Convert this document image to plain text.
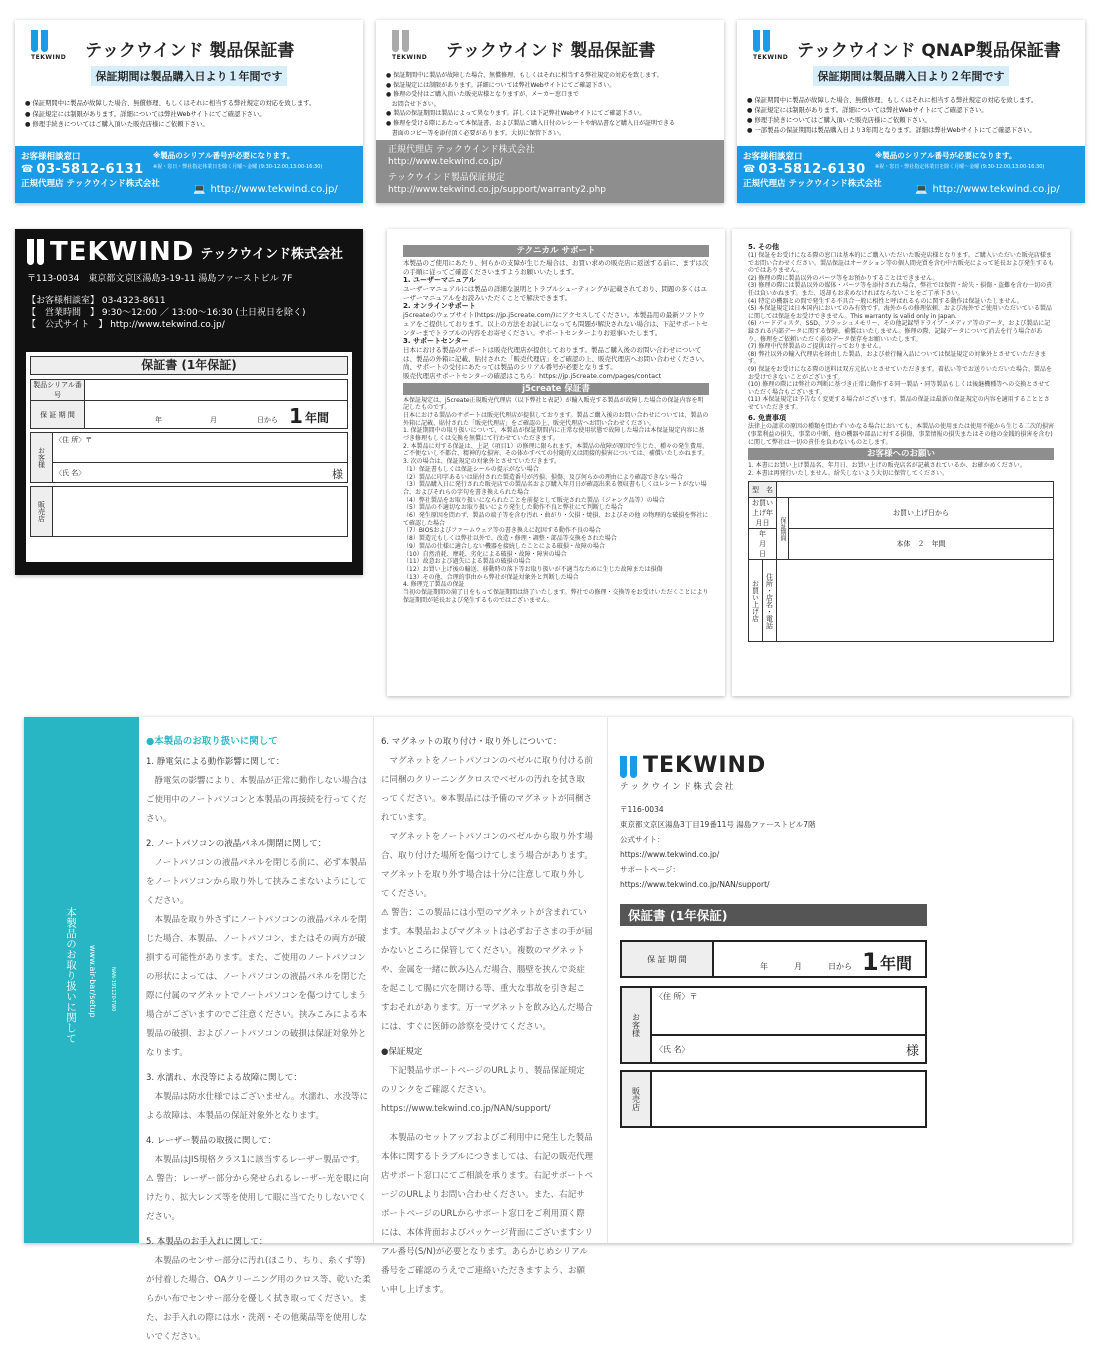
TEKWIND テックウインド 製品保証書
保証期間は製品購入日より１年間です
● 保証期間中に製品が故障した場合、無償修理、もしくはそれに相当する弊社規定の対応を致します。
● 保証規定には制限があります。詳細については弊社Webサイトにてご確認下さい。
● 修理手続きについてはご購入頂いた販売店様にご依頼下さい。
お客様相談窓口
☎ 03-5812-6131
正規代理店 テックウインド株式会社
※製品のシリアル番号が必要になります。
※祝・窓日・弊社指定休業日を除く月曜〜金曜 (9:30-12:00,13:00-16:30)
💻 http://www.tekwind.co.jp/
TEKWIND テックウインド 製品保証書
● 保証期間中に製品が故障した場合、無償修理、もしくはそれに相当する弊社規定の対応を致します。
● 保証規定には制限があります。詳細については弊社Webサイトにてご確認下さい。
● 修理の受付はご購入頂いた販売店様となりますが、メーカー窓口まで
お問合せ下さい。
● 製品の保証期間は製品によって異なります。詳しくは下記弊社Webサイトにてご確認下さい。
● 修理を受ける際にあたって本保証書、および製品ご購入日付のレシートや納品書など購入日が証明できる
書面のコピー等を添付頂く必要があります。大切に保管下さい。
正規代理店 テックウインド株式会社
http://www.tekwind.co.jp/
テックウインド製品保証規定
http://www.tekwind.co.jp/support/warranty2.php
TEKWIND テックウインド QNAP製品保証書
保証期間は製品購入日より２年間です
● 保証期間中に製品が故障した場合、無償修理、もしくはそれに相当する弊社規定の対応を致します。
● 保証規定には制限があります。詳細については弊社Webサイトにてご確認下さい。
● 修理手続きについてはご購入頂いた販売店様にご依頼下さい。
● 一部製品の保証期間は製品購入日より3年間となります。詳細は弊社Webサイトにてご確認下さい。
お客様相談窓口
☎ 03-5812-6130
正規代理店 テックウインド株式会社
※製品のシリアル番号が必要になります。
※祝・窓日・弊社指定休業日を除く月曜〜金曜 (9:30-12:00,13:00-16:30)
💻 http://www.tekwind.co.jp/
TEKWIND テックウインド株式会社
〒113-0034　東京都文京区湯島3-19-11 湯島ファーストビル 7F
【お客様相談室】 03-4323-8611
【　営業時間　】 9:30〜12:00 ／ 13:00〜16:30 (土日祝日を除く)
【　公式サイト　】 http://www.tekwind.co.jp/
保証書 (1年保証)
製品シリアル番号	
保 証 期 間	年 月 日から 1 年間
お客様	〈住 所〉〒
〈氏 名〉	様
販売店	
テクニカル サポート
本製品のご使用にあたり、何らかの支障が生じた場合は、お買い求めの販売店に返送する前に、まずは次の手順に従ってご確認くださいますようお願いいたします。
1. ユーザーマニュアル
ユーザーマニュアルには製品の詳細な説明とトラブルシューティングが記載されており、問題の多くはユーザーマニュアルをお読みいただくことで解決できます。
2. オンラインサポート
j5createのウェブサイト(https://jp.j5create.com/)にアクセスしてください。本製品用の最新ソフトウェアをご提供しております。以上の方法をお試しになっても問題が解決されない場合は、下記サポートセンターまでトラブルの内容をお寄せください。サポートセンターよりお返事いたします。
3. サポートセンター
日本における製品のサポートは販売代理店が提供しております。製品ご購入後のお問い合わせについては、製品の外箱に記載、貼付された「販売代理店」をご確認の上、販売代理店へお問い合わせください。
尚、サポートの受付にあたっては製品のシリアル番号が必要となります。
販売代理店サポートセンターの確認はこちら：https://jp.j5create.com/pages/contact
j5create 保証書
本保証規定は、j5create正規販売代理店（以下弊社と表記）が輸入販売する製品が故障した場合の保証内容を明記したものです。
日本における製品のサポートは販売代理店が提供しております。製品ご購入後のお問い合わせについては、製品の外箱に記載、貼付された「販売代理店」をご確認の上、販売代理店へお問い合わせください。
1. 保証期間中の取り扱いについて、本製品が保証期間内に正常な使用状態で故障した場合は本保証規定内容に基づき修理もしくは交換を無償にて行わせていただきます。
2. 本製品に対する保証は、上記（項目1）の修理に限られます。本製品の故障が原因で生じた、種々の発生費用、ご不便ないし不都合、精神的な損害、その体かすべての付随的又は間接的損害については、補償いたしかねます。
3. 次の場合は、保証規定の対象外とさせていただきます。
（1）保証書もしくは保証シールの提示がない場合
（2）製品に印字あるいは貼付された製造番号が汚損、損傷、及び何らかの理由により確認できない場合
（3）製品購入日に発行された販売店での製品名および購入年月日が確認出来る領収書もしくはレシートがない場合、およびそれらの字句を書き換えられた場合
（4）弊社製品をお取り扱いになられたことを前提として販売された製品（ジャンク品等）の場合
（5）製品の不適切なお取り扱いにより発生した動作不良と弊社にて判断した場合
（6）発生原因を問わず、製品の端子等を含む汚れ・曲がり・欠損・焼損、およびその他 の物理的な破損を弊社にて確認した場合
（7）BIOSおよびファームウェア等の書き換えに起因する動作不良の場合
（8）製造元もしくは弊社以外で、改造・修理・調整・部品等交換をされた場合
（9）製品の仕様に適合しない機器を接続したことによる破損・故障の場合
（10）自然消耗、摩耗、劣化による破損・故障・障害の場合
（11）故意および過失による製品の破損の場合
（12）お買い上げ後の輸送、移動時の落下等お取り扱いが不適当なために生じた故障または損傷
（13）その他、合理的事由から弊社が保証対象外と判断した場合
4. 修理完了製品の保証
当初の保証期間の満了日をもって保証期間は終了いたします。弊社での修理・交換等をお受けいただくことにより保証期間が延長および発生するものではございません。
5. その他
(1) 保証をお受けになる際の窓口は基本的にご購入いただいた販売店様となります。ご購入いただいた販売店様までお問い合わせください。製品保証はオークション等の個人間売買を含む中古販売によって延長および発生するものではありません。
(2) 修理の際に製品以外のパーツ等をお預かりすることはできません。
(3) 修理の際には製品以外の媒体・パーツ等を添付された場合、弊社では保管・紛失・損傷・盗難を含む一切の責任は負いかねます。また、返却もお求めなければならないことをご了承下さい。
(4) 特定の機器との間で発生する不具合一般に相性と呼ばれるものに関する動作は保証いたしません。
(5) 本保証規定は日本国内においてのみ有効です。海外からの修理依頼、および海外でご使用いただいている製品に関しては保証をお受けできません。This warranty is valid only in Japan.
(6) ハードディスク、SSD、フラッシュメモリー、その他記録型ドライブ・メディア等のデータ、および製品に記録される内部データに関する保障、補償はいたしません。修理の際、記録データについて消去を行う場合があり、修理をご依頼いただく前のデータ保存をお願いいたします。
(7) 修理中代替製品のご提供は行っておりません。
(8) 弊社以外の輸入代理店を経由した製品、および並行輸入品については保証規定の対象外とさせていただきます。
(9) 保証をお受けになる際の送料は双方元払いとさせていただきます。着払い等でお送りいただいた場合、製品をお受けできないことがございます。
(10) 修理の際には弊社の判断に基づき正常に動作する同一製品・同等製品もしくは後継機種等への交換とさせていただく場合もございます。
(11) 本保証規定は予告なく変更する場合がございます。製品の保証は最新の保証規定の内容を適用することとさせていただきます。
6. 免責事項
法律上の請求の原因の種類を問わずいかなる場合においても、本製品の使用または使用不能から生じる二次的損害(事業利益の損失、事業の中断、他の機器や部品に対する損傷、事業情報の損失またはその他の金銭的損害を含む)に関して弊社は一切の責任を負わないものとします。
お客様へのお願い
1. 本書にお買い上げ製品名、年月日、お買い上げの販売店名が記載されているか、お確かめください。
2. 本書は再発行いたしません。紛失しないよう大切に保管してください。
型　名			
お買い上げ年月日		保証期間	お買い上げ日から
年　　月　　日			本体　２　年間
お買い上げ店	住所・店名・電話		
本製品のお取り扱いに関して www.air-bar/setup	NAN-191120-TW0
●本製品のお取り扱いに関して
1. 静電気による動作影響に関して：
静電気の影響により、本製品が正常に動作しない場合はご使用中のノートパソコンと本製品の再接続を行ってください。
2. ノートパソコンの液晶パネル開閉に関して：
ノートパソコンの液晶パネルを閉じる前に、必ず本製品をノートパソコンから取り外して挟みこまないようにしてください。
本製品を取り外さずにノートパソコンの液晶パネルを閉じた場合、本製品、ノートパソコン、またはその両方が破損する可能性があります。また、ご使用のノートパソコンの形状によっては、ノートパソコンの液晶パネルを閉じた際に付属のマグネットでノートパソコンを傷つけてしまう場合がございますのでご注意ください。挟みこみによる本製品の破損、およびノートパソコンの破損は保証対象外となります。
3. 水濡れ、水没等による故障に関して：
本製品は防水仕様ではございません。水濡れ、水没等による故障は、本製品の保証対象外となります。
4. レーザー製品の取扱に関して：
本製品はJIS規格クラス1に該当するレーザー製品です。
⚠ 警告：レーザー部分から発せられるレーザー光を眼に向けたり、拡大レンズ等を使用して眼に当てたりしないでください。
5. 本製品のお手入れに関して：
本製品のセンサー部分に汚れ(ほこり、ちり、糸くず等)が付着した場合、OAクリーニング用のクロス等、乾いた柔らかい布でセンサー部分を優しく拭き取ってください。また、お手入れの際には水・洗剤・その他薬品等を使用しないでください。
6. マグネットの取り付け・取り外しについて：
マグネットをノートパソコンのベゼルに取り付ける前に同梱のクリーニングクロスでベゼルの汚れを拭き取ってください。※本製品には予備のマグネットが同梱されています。
マグネットをノートパソコンのベゼルから取り外す場合、取り付けた場所を傷つけてしまう場合があります。マグネットを取り外す場合は十分に注意して取り外してください。
⚠ 警告：この製品には小型のマグネットが含まれています。本製品およびマグネットは必ずお子さまの手が届かないところに保管してください。複数のマグネットや、金属を一緒に飲み込んだ場合、腸壁を挟んで炎症を起こして腸に穴を開ける等、重大な事故を引き起こすおそれがあります。万一マグネットを飲み込んだ場合には、すぐに医師の診察を受けてください。
●保証規定
下記製品サポートページのURLより、製品保証規定のリンクをご確認ください。
https://www.tekwind.co.jp/NAN/support/
本製品のセットアップおよびご利用中に発生した製品本体に関するトラブルにつきましては、右記の販売代理店サポート窓口にてご相談を承ります。右記サポートページのURLよりお問い合わせください。また、右記サポートページのURLからサポート窓口をご利用頂く際には、本体背面およびパッケージ背面にございますシリアル番号(S/N)が必要となります。あらかじめシリアル番号をご確認のうえでご連絡いただきますよう、お願い申し上げます。
TEKWIND
テックウインド株式会社
〒116-0034
東京都文京区湯島3丁目19番11号 湯島ファーストビル7階
公式サイト：
https://www.tekwind.co.jp/
サポートページ：
https://www.tekwind.co.jp/NAN/support/
保証書 (1年保証)
保 証 期 間	
年	月	日から 1 年間
お客様	〈住 所〉〒
〈氏 名〉	様
販売店	
